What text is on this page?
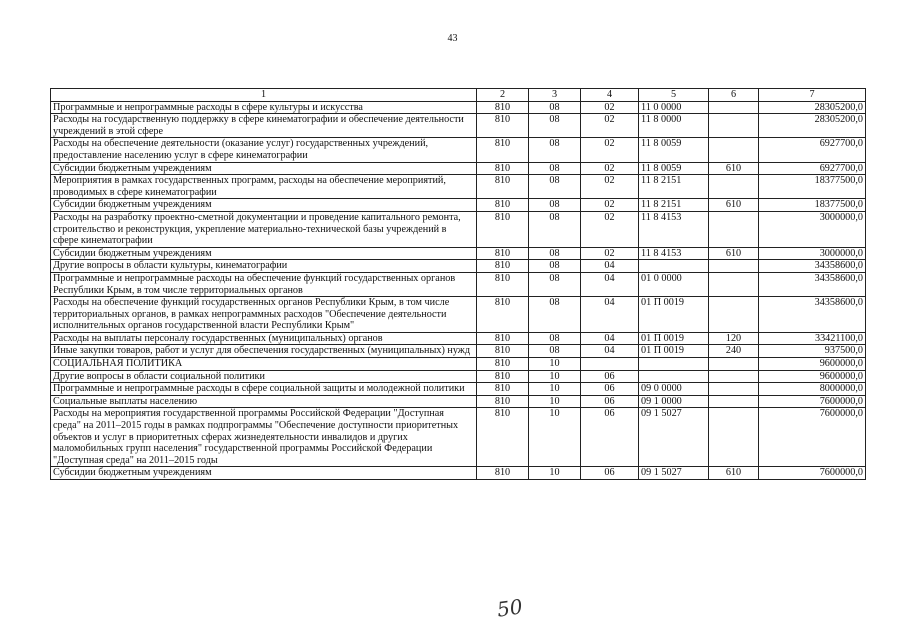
43
1	2	3	4	5	6	7
Программные и непрограммные расходы в сфере культуры и искусства	810	08	02	11 0 0000		28305200,0
Расходы на государственную поддержку в сфере кинематографии и обеспечение деятельности учреждений в этой сфере	810	08	02	11 8 0000		28305200,0
Расходы на обеспечение деятельности (оказание услуг) государственных учреждений, предоставление населению услуг в сфере кинематографии	810	08	02	11 8 0059		6927700,0
Субсидии бюджетным учреждениям	810	08	02	11 8 0059	610	6927700,0
Мероприятия в рамках государственных программ, расходы на обеспечение мероприятий, проводимых в сфере кинематографии	810	08	02	11 8 2151		18377500,0
Субсидии бюджетным учреждениям	810	08	02	11 8 2151	610	18377500,0
Расходы на разработку проектно-сметной документации и проведение капитального ремонта, строительство и реконструкция, укрепление материально-технической базы учреждений в сфере кинематографии	810	08	02	11 8 4153		3000000,0
Субсидии бюджетным учреждениям	810	08	02	11 8 4153	610	3000000,0
Другие вопросы в области культуры, кинематографии	810	08	04			34358600,0
Программные и непрограммные расходы на обеспечение функций государственных органов Республики Крым, в том числе территориальных органов	810	08	04	01 0 0000		34358600,0
Расходы на обеспечение функций государственных органов Республики Крым, в том числе территориальных органов, в рамках непрограммных расходов "Обеспечение деятельности исполнительных органов государственной власти Республики Крым"	810	08	04	01 П 0019		34358600,0
Расходы на выплаты персоналу государственных (муниципальных) органов	810	08	04	01 П 0019	120	33421100,0
Иные закупки товаров, работ и услуг для обеспечения государственных (муниципальных) нужд	810	08	04	01 П 0019	240	937500,0
СОЦИАЛЬНАЯ ПОЛИТИКА	810	10				9600000,0
Другие вопросы в области социальной политики	810	10	06			9600000,0
Программные и непрограммные расходы в сфере социальной защиты и молодежной политики	810	10	06	09 0 0000		8000000,0
Социальные выплаты населению	810	10	06	09 1 0000		7600000,0
Расходы на мероприятия государственной программы Российской Федерации "Доступная среда" на 2011–2015 годы в рамках подпрограммы "Обеспечение доступности приоритетных объектов и услуг в приоритетных сферах жизнедеятельности инвалидов и других маломобильных групп населения" государственной программы Российской Федерации "Доступная среда" на 2011–2015 годы	810	10	06	09 1 5027		7600000,0
Субсидии бюджетным учреждениям	810	10	06	09 1 5027	610	7600000,0
50
